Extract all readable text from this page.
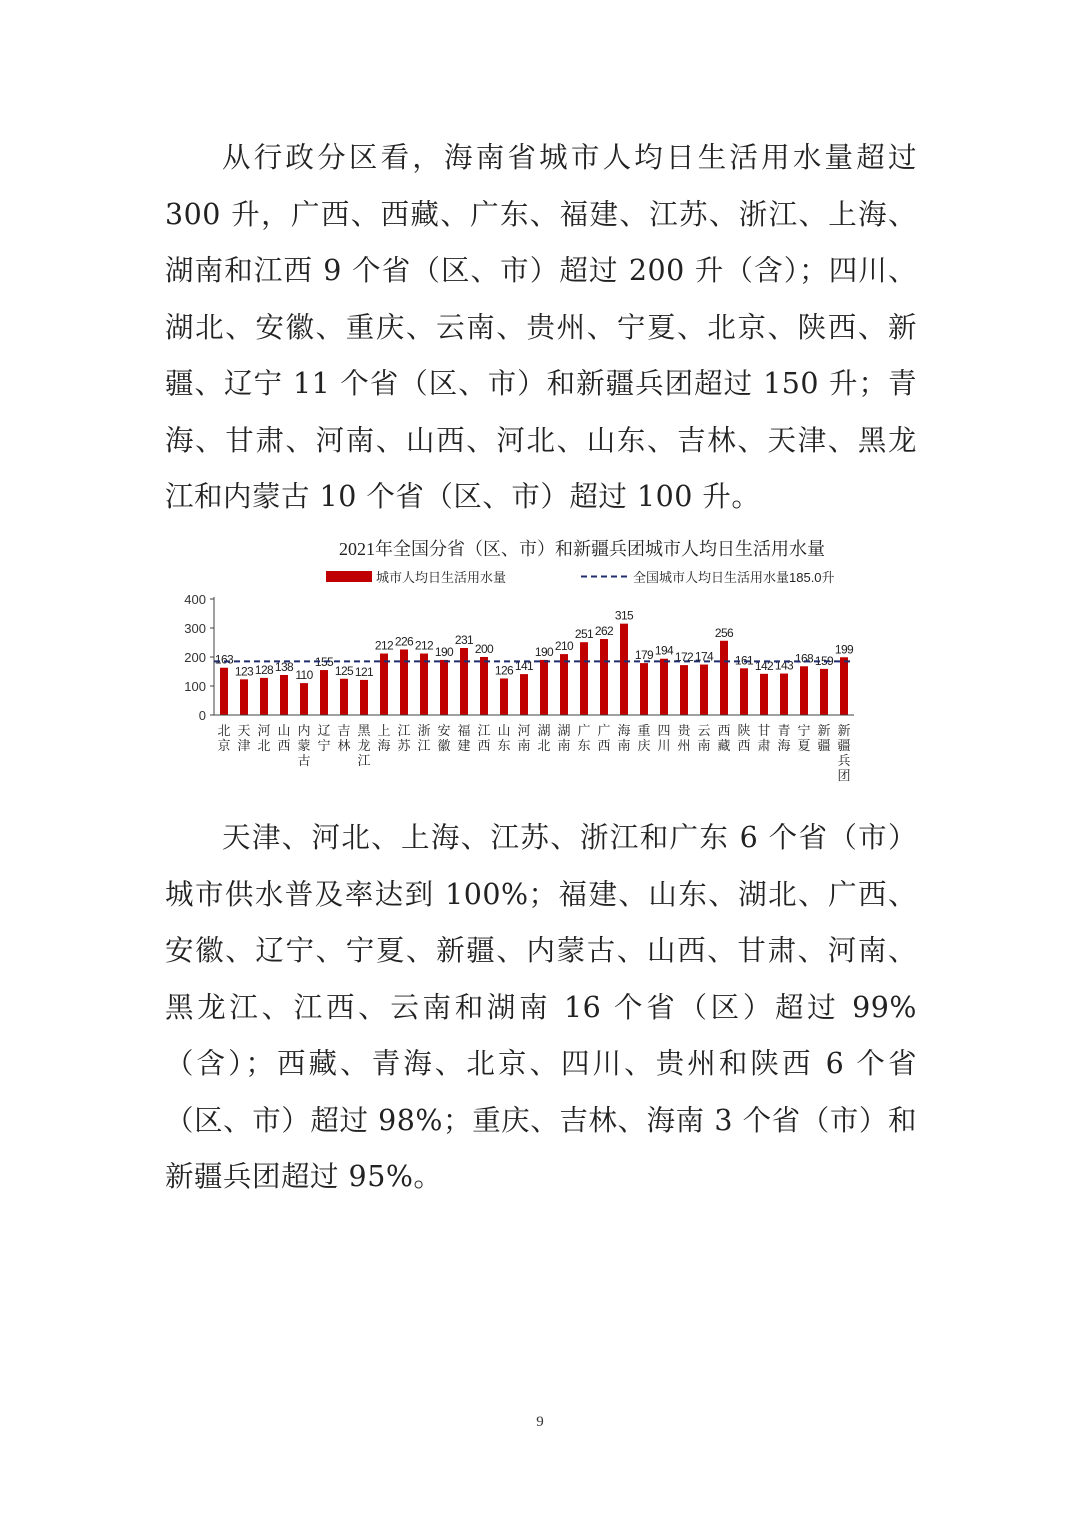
从行政分区看，海南省城市人均日生活用水量超过 300 升，广西、西藏、广东、福建、江苏、浙江、上海、湖南和江西 9 个省（区、市）超过 200 升（含）；四川、湖北、安徽、重庆、云南、贵州、宁夏、北京、陕西、新疆、辽宁 11 个省（区、市）和新疆兵团超过 150 升；青海、甘肃、河南、山西、河北、山东、吉林、天津、黑龙江和内蒙古 10 个省（区、市）超过 100 升。

2021年全国分省（区、市）和新疆兵团城市人均日生活用水量
城市人均日生活用水量	全国城市人均日生活用水量185.0升
0
100
200
300
400
163
123 128 138
110
155
125 121
212 226 212 190
231
200
126 141
190 210
251 262
315
179 194 172 174
256
161 142 143
168 159
199
北京
天津
河北
山西
内蒙古
辽宁
吉林
黑龙江
上海
江苏
浙江
安徽
福建
江西
山东
河南
湖北
湖南
广东
广西
海南
重庆
四川
贵州
云南
西藏
陕西
甘肃
青海
宁夏
新疆
新疆兵团

天津、河北、上海、江苏、浙江和广东 6 个省（市）城市供水普及率达到 100%；福建、山东、湖北、广西、安徽、辽宁、宁夏、新疆、内蒙古、山西、甘肃、河南、黑龙江、江西、云南和湖南 16 个省（区）超过 99%（含）；西藏、青海、北京、四川、贵州和陕西 6 个省（区、市）超过 98%；重庆、吉林、海南 3 个省（市）和新疆兵团超过 95%。

9
